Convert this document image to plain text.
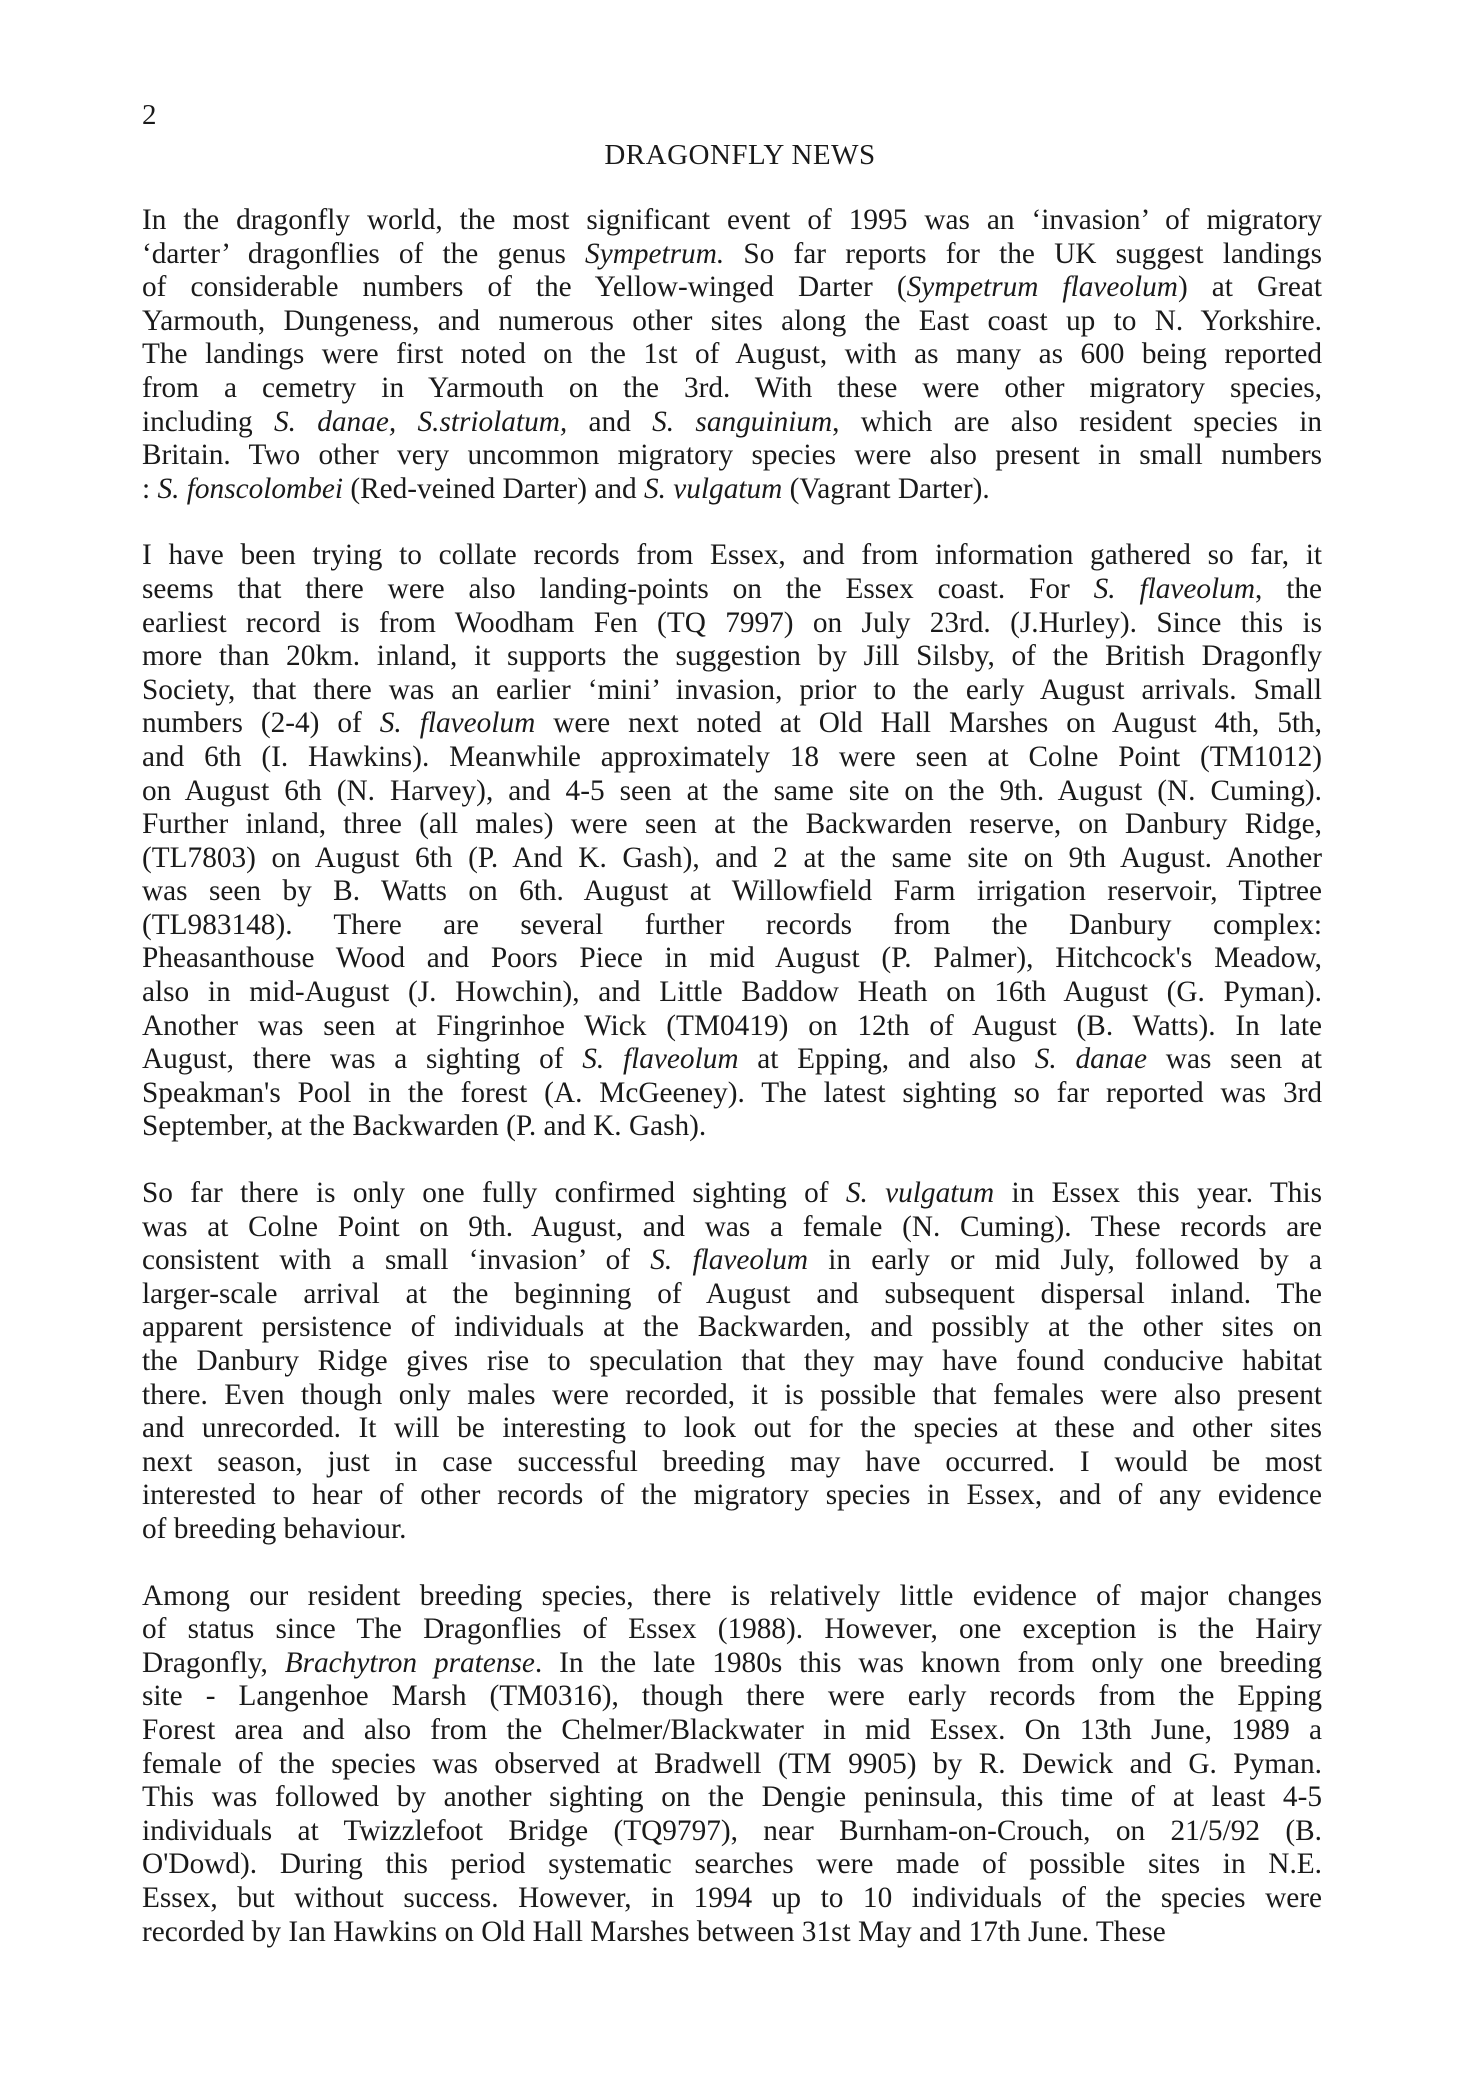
2
DRAGONFLY NEWS
In the dragonfly world, the most significant event of 1995 was an ‘invasion’ of migratory
‘darter’ dragonflies of the genus Sympetrum. So far reports for the UK suggest landings
of considerable numbers of the Yellow-winged Darter (Sympetrum flaveolum) at Great
Yarmouth, Dungeness, and numerous other sites along the East coast up to N. Yorkshire.
The landings were first noted on the 1st of August, with as many as 600 being reported
from a cemetry in Yarmouth on the 3rd. With these were other migratory species,
including S. danae, S.striolatum, and S. sanguinium, which are also resident species in
Britain. Two other very uncommon migratory species were also present in small numbers
: S. fonscolombei (Red-veined Darter) and S. vulgatum (Vagrant Darter).
I have been trying to collate records from Essex, and from information gathered so far, it
seems that there were also landing-points on the Essex coast. For S. flaveolum, the
earliest record is from Woodham Fen (TQ 7997) on July 23rd. (J.Hurley). Since this is
more than 20km. inland, it supports the suggestion by Jill Silsby, of the British Dragonfly
Society, that there was an earlier ‘mini’ invasion, prior to the early August arrivals. Small
numbers (2-4) of S. flaveolum were next noted at Old Hall Marshes on August 4th, 5th,
and 6th (I. Hawkins). Meanwhile approximately 18 were seen at Colne Point (TM1012)
on August 6th (N. Harvey), and 4-5 seen at the same site on the 9th. August (N. Cuming).
Further inland, three (all males) were seen at the Backwarden reserve, on Danbury Ridge,
(TL7803) on August 6th (P. And K. Gash), and 2 at the same site on 9th August. Another
was seen by B. Watts on 6th. August at Willowfield Farm irrigation reservoir, Tiptree
(TL983148). There are several further records from the Danbury complex:
Pheasanthouse Wood and Poors Piece in mid August (P. Palmer), Hitchcock's Meadow,
also in mid-August (J. Howchin), and Little Baddow Heath on 16th August (G. Pyman).
Another was seen at Fingrinhoe Wick (TM0419) on 12th of August (B. Watts). In late
August, there was a sighting of S. flaveolum at Epping, and also S. danae was seen at
Speakman's Pool in the forest (A. McGeeney). The latest sighting so far reported was 3rd
September, at the Backwarden (P. and K. Gash).
So far there is only one fully confirmed sighting of S. vulgatum in Essex this year. This
was at Colne Point on 9th. August, and was a female (N. Cuming). These records are
consistent with a small ‘invasion’ of S. flaveolum in early or mid July, followed by a
larger-scale arrival at the beginning of August and subsequent dispersal inland. The
apparent persistence of individuals at the Backwarden, and possibly at the other sites on
the Danbury Ridge gives rise to speculation that they may have found conducive habitat
there. Even though only males were recorded, it is possible that females were also present
and unrecorded. It will be interesting to look out for the species at these and other sites
next season, just in case successful breeding may have occurred. I would be most
interested to hear of other records of the migratory species in Essex, and of any evidence
of breeding behaviour.
Among our resident breeding species, there is relatively little evidence of major changes
of status since The Dragonflies of Essex (1988). However, one exception is the Hairy
Dragonfly, Brachytron pratense. In the late 1980s this was known from only one breeding
site - Langenhoe Marsh (TM0316), though there were early records from the Epping
Forest area and also from the Chelmer/Blackwater in mid Essex. On 13th June, 1989 a
female of the species was observed at Bradwell (TM 9905) by R. Dewick and G. Pyman.
This was followed by another sighting on the Dengie peninsula, this time of at least 4-5
individuals at Twizzlefoot Bridge (TQ9797), near Burnham-on-Crouch, on 21/5/92 (B.
O'Dowd). During this period systematic searches were made of possible sites in N.E.
Essex, but without success. However, in 1994 up to 10 individuals of the species were
recorded by Ian Hawkins on Old Hall Marshes between 31st May and 17th June. These
